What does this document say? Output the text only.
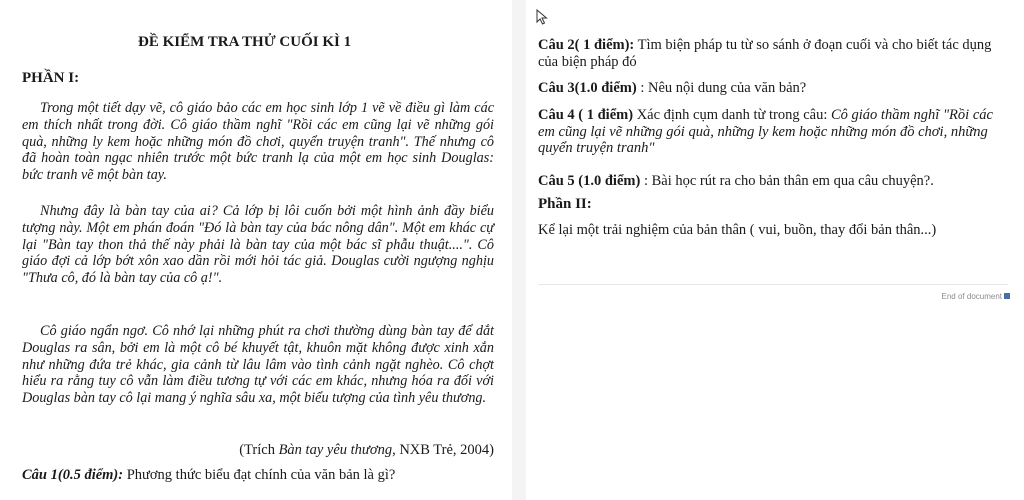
ĐỀ KIỂM TRA THỬ CUỐI KÌ 1
PHẦN I:
Trong một tiết dạy vẽ, cô giáo bảo các em học sinh lớp 1 vẽ về điều gì làm các em thích nhất trong đời. Cô giáo thầm nghĩ "Rồi các em cũng lại vẽ những gói quà, những ly kem hoặc những món đồ chơi, quyển truyện tranh". Thế nhưng cô đã hoàn toàn ngạc nhiên trước một bức tranh lạ của một em học sinh Douglas: bức tranh vẽ một bàn tay.
Nhưng đây là bàn tay của ai? Cả lớp bị lôi cuốn bởi một hình ảnh đầy biểu tượng này. Một em phán đoán "Đó là bàn tay của bác nông dân". Một em khác cự lại "Bàn tay thon thả thế này phải là bàn tay của một bác sĩ phẫu thuật....". Cô giáo đợi cả lớp bớt xôn xao dần rồi mới hỏi tác giả. Douglas cười ngượng nghịu "Thưa cô, đó là bàn tay của cô ạ!".
Cô giáo ngẩn ngơ. Cô nhớ lại những phút ra chơi thường dùng bàn tay để dắt Douglas ra sân, bởi em là một cô bé khuyết tật, khuôn mặt không được xinh xắn như những đứa trẻ khác, gia cảnh từ lâu lâm vào tình cảnh ngặt nghèo. Cô chợt hiểu ra rằng tuy cô vẫn làm điều tương tự với các em khác, nhưng hóa ra đối với Douglas bàn tay cô lại mang ý nghĩa sâu xa, một biểu tượng của tình yêu thương.
(Trích Bàn tay yêu thương, NXB Trẻ, 2004)
Câu 1(0.5 điểm): Phương thức biểu đạt chính của văn bản là gì?
Câu 2( 1 điểm): Tìm biện pháp tu từ so sánh ở đoạn cuối và cho biết tác dụng của biện pháp đó
Câu 3(1.0 điểm) : Nêu nội dung của văn bản?
Câu 4 ( 1 điểm) Xác định cụm danh từ trong câu: Cô giáo thầm nghĩ "Rồi các em cũng lại vẽ những gói quà, những ly kem hoặc những món đồ chơi, những quyển truyện tranh"
Câu 5 (1.0 điểm) : Bài học rút ra cho bản thân em qua câu chuyện?.
Phần II:
Kể lại một trải nghiệm của bản thân ( vui, buồn, thay đổi bản thân...)
End of document
